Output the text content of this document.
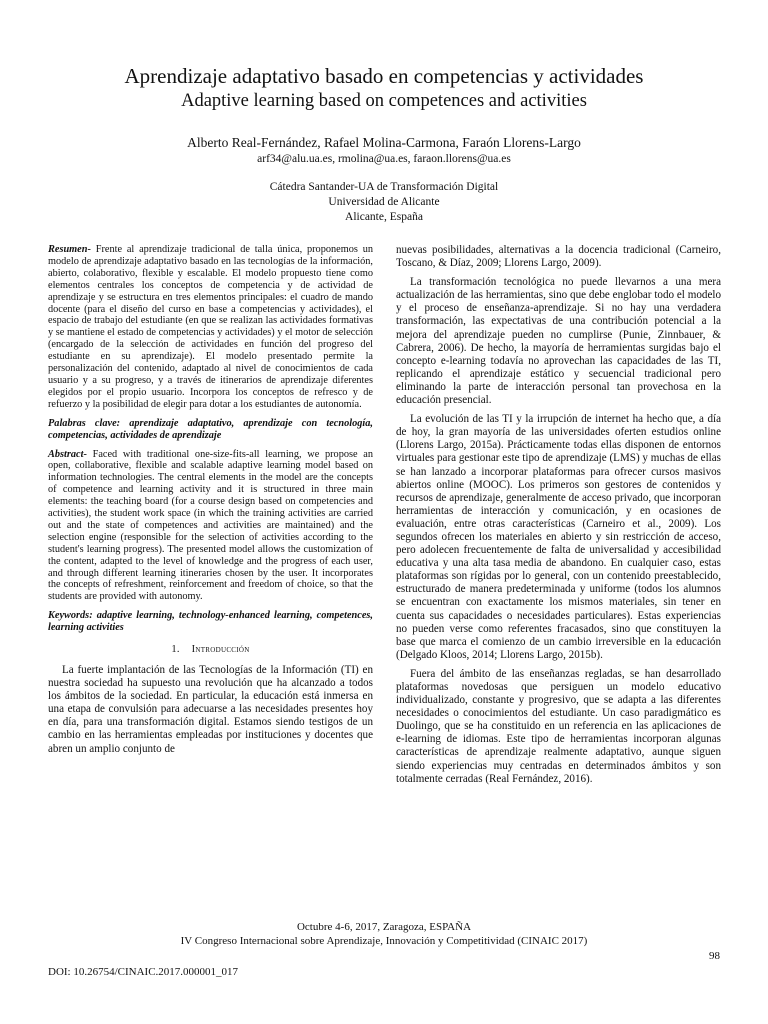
Aprendizaje adaptativo basado en competencias y actividades
Adaptive learning based on competences and activities
Alberto Real-Fernández, Rafael Molina-Carmona, Faraón Llorens-Largo
arf34@alu.ua.es, rmolina@ua.es, faraon.llorens@ua.es
Cátedra Santander-UA de Transformación Digital
Universidad de Alicante
Alicante, España

Resumen- Frente al aprendizaje tradicional de talla única, proponemos un modelo de aprendizaje adaptativo basado en las tecnologías de la información, abierto, colaborativo, flexible y escalable. El modelo propuesto tiene como elementos centrales los conceptos de competencia y de actividad de aprendizaje y se estructura en tres elementos principales: el cuadro de mando docente (para el diseño del curso en base a competencias y actividades), el espacio de trabajo del estudiante (en que se realizan las actividades formativas y se mantiene el estado de competencias y actividades) y el motor de selección (encargado de la selección de actividades en función del progreso del estudiante en su aprendizaje). El modelo presentado permite la personalización del contenido, adaptado al nivel de conocimientos de cada usuario y a su progreso, y a través de itinerarios de aprendizaje diferentes elegidos por el propio usuario. Incorpora los conceptos de refresco y de refuerzo y la posibilidad de elegir para dotar a los estudiantes de autonomía.

Palabras clave: aprendizaje adaptativo, aprendizaje con tecnología, competencias, actividades de aprendizaje

Abstract- Faced with traditional one-size-fits-all learning, we propose an open, collaborative, flexible and scalable adaptive learning model based on information technologies. The central elements in the model are the concepts of competence and learning activity and it is structured in three main elements: the teaching board (for a course design based on competencies and activities), the student work space (in which the training activities are carried out and the state of competences and activities are maintained) and the selection engine (responsible for the selection of activities according to the student's learning progress). The presented model allows the customization of the content, adapted to the level of knowledge and the progress of each user, and through different learning itineraries chosen by the user. It incorporates the concepts of refreshment, reinforcement and freedom of choice, so that the students are provided with autonomy.

Keywords: adaptive learning, technology-enhanced learning, competences, learning activities

1. Introducción

La fuerte implantación de las Tecnologías de la Información (TI) en nuestra sociedad ha supuesto una revolución que ha alcanzado a todos los ámbitos de la sociedad. En particular, la educación está inmersa en una etapa de convulsión para adecuarse a las necesidades presentes hoy en día, para una transformación digital. Estamos siendo testigos de un cambio en las herramientas empleadas por instituciones y docentes que abren un amplio conjunto de

nuevas posibilidades, alternativas a la docencia tradicional (Carneiro, Toscano, & Díaz, 2009; Llorens Largo, 2009).

La transformación tecnológica no puede llevarnos a una mera actualización de las herramientas, sino que debe englobar todo el modelo y el proceso de enseñanza-aprendizaje. Si no hay una verdadera transformación, las expectativas de una contribución potencial a la mejora del aprendizaje pueden no cumplirse (Punie, Zinnbauer, & Cabrera, 2006). De hecho, la mayoría de herramientas surgidas bajo el concepto e-learning todavía no aprovechan las capacidades de las TI, replicando el aprendizaje estático y secuencial tradicional pero eliminando la parte de interacción personal tan provechosa en la educación presencial.

La evolución de las TI y la irrupción de internet ha hecho que, a día de hoy, la gran mayoría de las universidades oferten estudios online (Llorens Largo, 2015a). Prácticamente todas ellas disponen de entornos virtuales para gestionar este tipo de aprendizaje (LMS) y muchas de ellas se han lanzado a incorporar plataformas para ofrecer cursos masivos abiertos online (MOOC). Los primeros son gestores de contenidos y recursos de aprendizaje, generalmente de acceso privado, que incorporan herramientas de interacción y comunicación, y en ocasiones de evaluación, entre otras características (Carneiro et al., 2009). Los segundos ofrecen los materiales en abierto y sin restricción de acceso, pero adolecen frecuentemente de falta de universalidad y accesibilidad educativa y una alta tasa media de abandono. En cualquier caso, estas plataformas son rígidas por lo general, con un contenido preestablecido, estructurado de manera predeterminada y uniforme (todos los alumnos se encuentran con exactamente los mismos materiales, sin tener en cuenta sus capacidades o necesidades particulares). Estas experiencias no pueden verse como referentes fracasados, sino que constituyen la base que marca el comienzo de un cambio irreversible en la educación (Delgado Kloos, 2014; Llorens Largo, 2015b).

Fuera del ámbito de las enseñanzas regladas, se han desarrollado plataformas novedosas que persiguen un modelo educativo individualizado, constante y progresivo, que se adapta a las diferentes necesidades o conocimientos del estudiante. Un caso paradigmático es Duolingo, que se ha constituido en un referencia en las aplicaciones de e-learning de idiomas. Este tipo de herramientas incorporan algunas características de aprendizaje realmente adaptativo, aunque siguen siendo experiencias muy centradas en determinados ámbitos y son totalmente cerradas (Real Fernández, 2016).

Octubre 4-6, 2017, Zaragoza, ESPAÑA
IV Congreso Internacional sobre Aprendizaje, Innovación y Competitividad (CINAIC 2017)
98
DOI: 10.26754/CINAIC.2017.000001_017
